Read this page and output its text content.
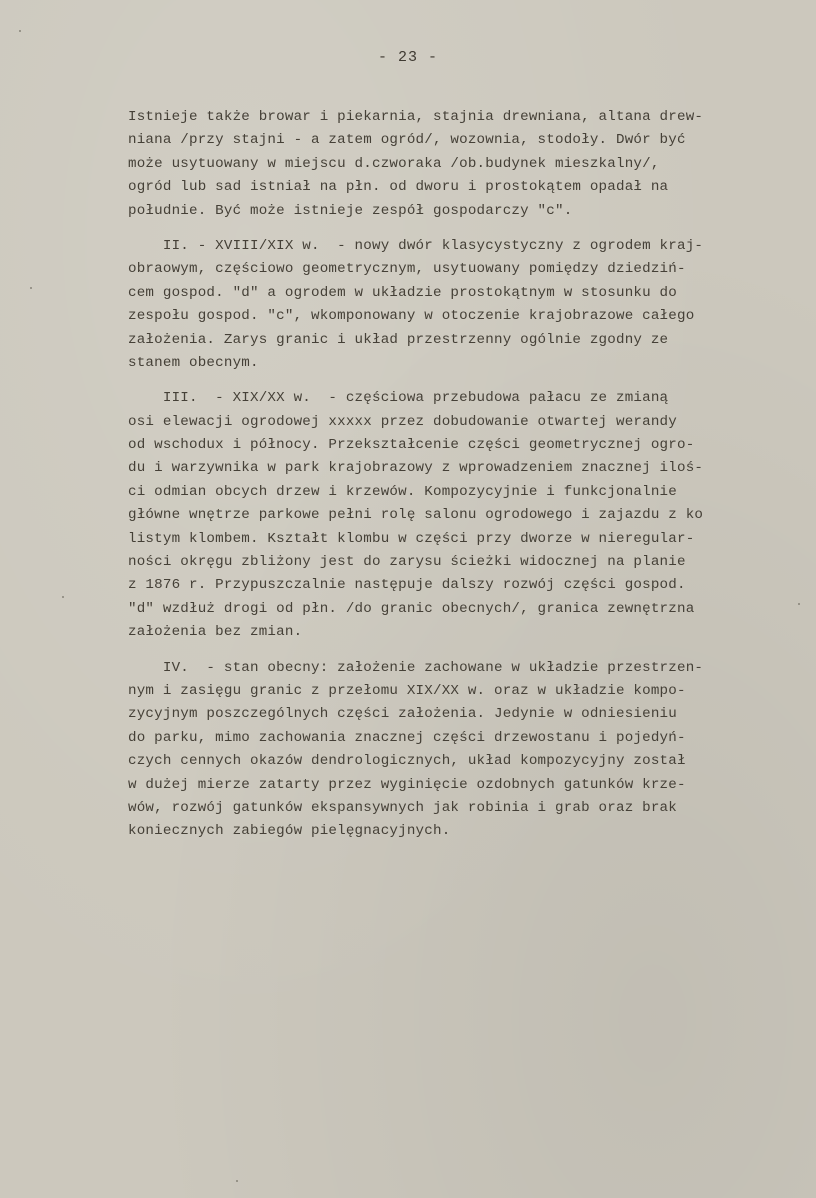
- 23 -
Istnieje także browar i piekarnia, stajnia drewniana, altana drew-
niana /przy stajni - a zatem ogród/, wozownia, stodoły. Dwór być
może usytuowany w miejscu d.czworaka /ob.budynek mieszkalny/,
ogród lub sad istniał na płn. od dworu i prostokątem opadał na
południe. Być może istnieje zespół gospodarczy "c".
II. - XVIII/XIX w.  - nowy dwór klasycystyczny z ogrodem kraj-
obraowym, częściowo geometrycznym, usytuowany pomiędzy dziedziń-
cem gospod. "d" a ogrodem w układzie prostokątnym w stosunku do
zespołu gospod. "c", wkomponowany w otoczenie krajobrazowe całego
założenia. Zarys granic i układ przestrzenny ogólnie zgodny ze
stanem obecnym.
III.  - XIX/XX w.  - częściowa przebudowa pałacu ze zmianą
osi elewacji ogrodowej xxxxx przez dobudowanie otwartej werandy
od wschodux i północy. Przekształcenie części geometrycznej ogro-
du i warzywnika w park krajobrazowy z wprowadzeniem znacznej iloś-
ci odmian obcych drzew i krzewów. Kompozycyjnie i funkcjonalnie
główne wnętrze parkowe pełni rolę salonu ogrodowego i zajazdu z ko
listym klombem. Kształt klombu w części przy dworze w nieregular-
ności okręgu zbliżony jest do zarysu ścieżki widocznej na planie
z 1876 r. Przypuszczalnie następuje dalszy rozwój części gospod.
"d" wzdłuż drogi od płn. /do granic obecnych/, granica zewnętrzna
założenia bez zmian.
IV.  - stan obecny: założenie zachowane w układzie przestrzen-
nym i zasięgu granic z przełomu XIX/XX w. oraz w układzie kompo-
zycyjnym poszczególnych części założenia. Jedynie w odniesieniu
do parku, mimo zachowania znacznej części drzewostanu i pojedyń-
czych cennych okazów dendrologicznych, układ kompozycyjny został
w dużej mierze zatarty przez wyginięcie ozdobnych gatunków krze-
wów, rozwój gatunków ekspansywnych jak robinia i grab oraz brak
koniecznych zabiegów pielęgnacyjnych.
